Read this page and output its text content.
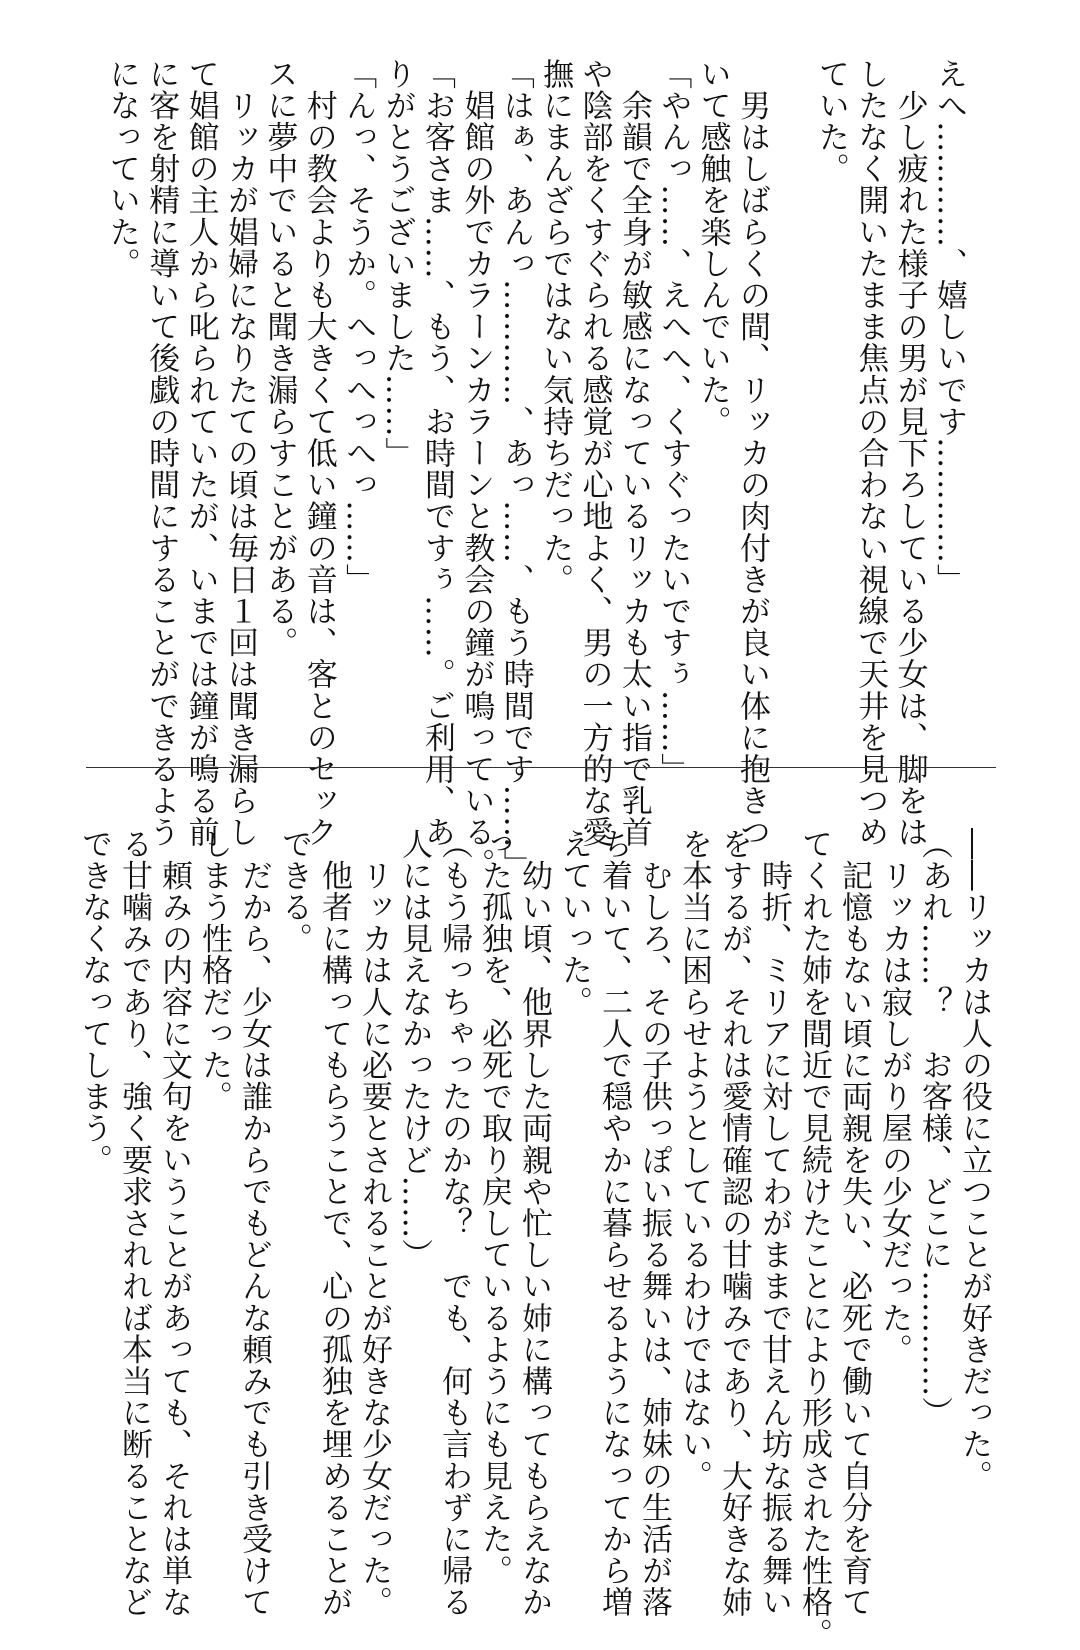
えへ…………、嬉しいです…………」
　少し疲れた様子の男が見下ろしている少女は、脚をは
したなく開いたまま焦点の合わない視線で天井を見つめ
ていた。

　男はしばらくの間、リッカの肉付きが良い体に抱きつ
いて感触を楽しんでいた。
「やんっ……、えへへ、くすぐったいですぅ……」
　余韻で全身が敏感になっているリッカも太い指で乳首
や陰部をくすぐられる感覚が心地よく、男の一方的な愛
撫にまんざらではない気持ちだった。
「はぁ、あんっ…………、あっ……、もう時間です……」
　娼館の外でカラーンカラーンと教会の鐘が鳴っている。
「お客さま……、もう、お時間ですぅ……。ご利用、あ
りがとうございました……」
「んっ、そうか。へっへっへっ……」
　村の教会よりも大きくて低い鐘の音は、客とのセック
スに夢中でいると聞き漏らすことがある。
　リッカが娼婦になりたての頃は毎日１回は聞き漏らし
て娼館の主人から叱られていたが、いまでは鐘が鳴る前
に客を射精に導いて後戯の時間にすることができるよう
になっていた。
――リッカは人の役に立つことが好きだった。
（あれ……？　お客様、どこに…………）
　リッカは寂しがり屋の少女だった。
　記憶もない頃に両親を失い、必死で働いて自分を育て
てくれた姉を間近で見続けたことにより形成された性格。
　時折、ミリアに対してわがままで甘えん坊な振る舞い
をするが、それは愛情確認の甘噛みであり、大好きな姉
を本当に困らせようとしているわけではない。
　むしろ、その子供っぽい振る舞いは、姉妹の生活が落
ち着いて、二人で穏やかに暮らせるようになってから増
えていった。
　幼い頃、他界した両親や忙しい姉に構ってもらえなか
った孤独を、必死で取り戻しているようにも見えた。
（もう帰っちゃったのかな？　でも、何も言わずに帰る
人には見えなかったけど……）
　リッカは人に必要とされることが好きな少女だった。
　他者に構ってもらうことで、心の孤独を埋めることが
できる。
　だから、少女は誰からでもどんな頼みでも引き受けて
しまう性格だった。
　頼みの内容に文句をいうことがあっても、それは単な
る甘噛みであり、強く要求されれば本当に断ることなど
できなくなってしまう。
